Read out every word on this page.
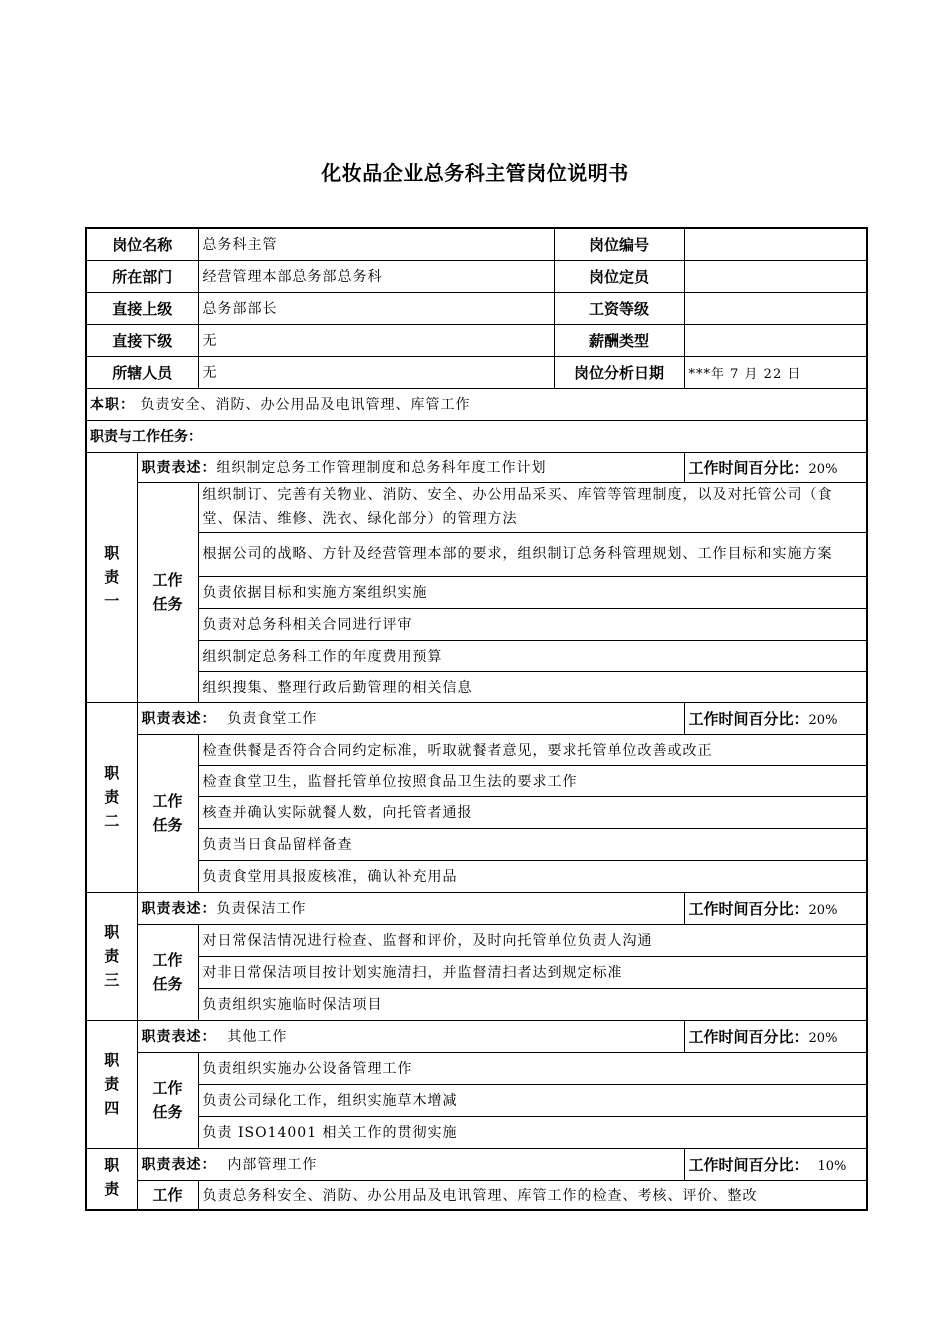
化妆品企业总务科主管岗位说明书
岗位名称		总务科主管	岗位编号	
所在部门		经营管理本部总务部总务科	岗位定员	
直接上级		总务部部长	工资等级	
直接下级		无	薪酬类型	
所辖人员		无	岗位分析日期	***年 7 月 22 日
本职： 负责安全、消防、办公用品及电讯管理、库管工作				
职责与工作任务：				
职责一	职责表述：组织制定总务工作管理制度和总务科年度工作计划			工作时间百分比：20%
	工作任务	组织制订、完善有关物业、消防、安全、办公用品采买、库管等管理制度，以及对托管公司（食堂、保洁、维修、洗衣、绿化部分）的管理方法		
		根据公司的战略、方针及经营管理本部的要求，组织制订总务科管理规划、工作目标和实施方案		
		负责依据目标和实施方案组织实施		
		负责对总务科相关合同进行评审		
		组织制定总务科工作的年度费用预算		
		组织搜集、整理行政后勤管理的相关信息		
职责二	职责表述： 负责食堂工作			工作时间百分比：20%
	工作任务	检查供餐是否符合合同约定标准，听取就餐者意见，要求托管单位改善或改正		
		检查食堂卫生，监督托管单位按照食品卫生法的要求工作		
		核查并确认实际就餐人数，向托管者通报		
		负责当日食品留样备查		
		负责食堂用具报废核准，确认补充用品		
职责三	职责表述：负责保洁工作			工作时间百分比：20%
	工作任务	对日常保洁情况进行检查、监督和评价，及时向托管单位负责人沟通		
		对非日常保洁项目按计划实施清扫，并监督清扫者达到规定标准		
		负责组织实施临时保洁项目		
职责四	职责表述： 其他工作			工作时间百分比：20%
	工作任务	负责组织实施办公设备管理工作		
		负责公司绿化工作，组织实施草木增减		
		负责 ISO14001 相关工作的贯彻实施		
职责	职责表述： 内部管理工作			工作时间百分比： 10%
	工作	负责总务科安全、消防、办公用品及电讯管理、库管工作的检查、考核、评价、整改		
